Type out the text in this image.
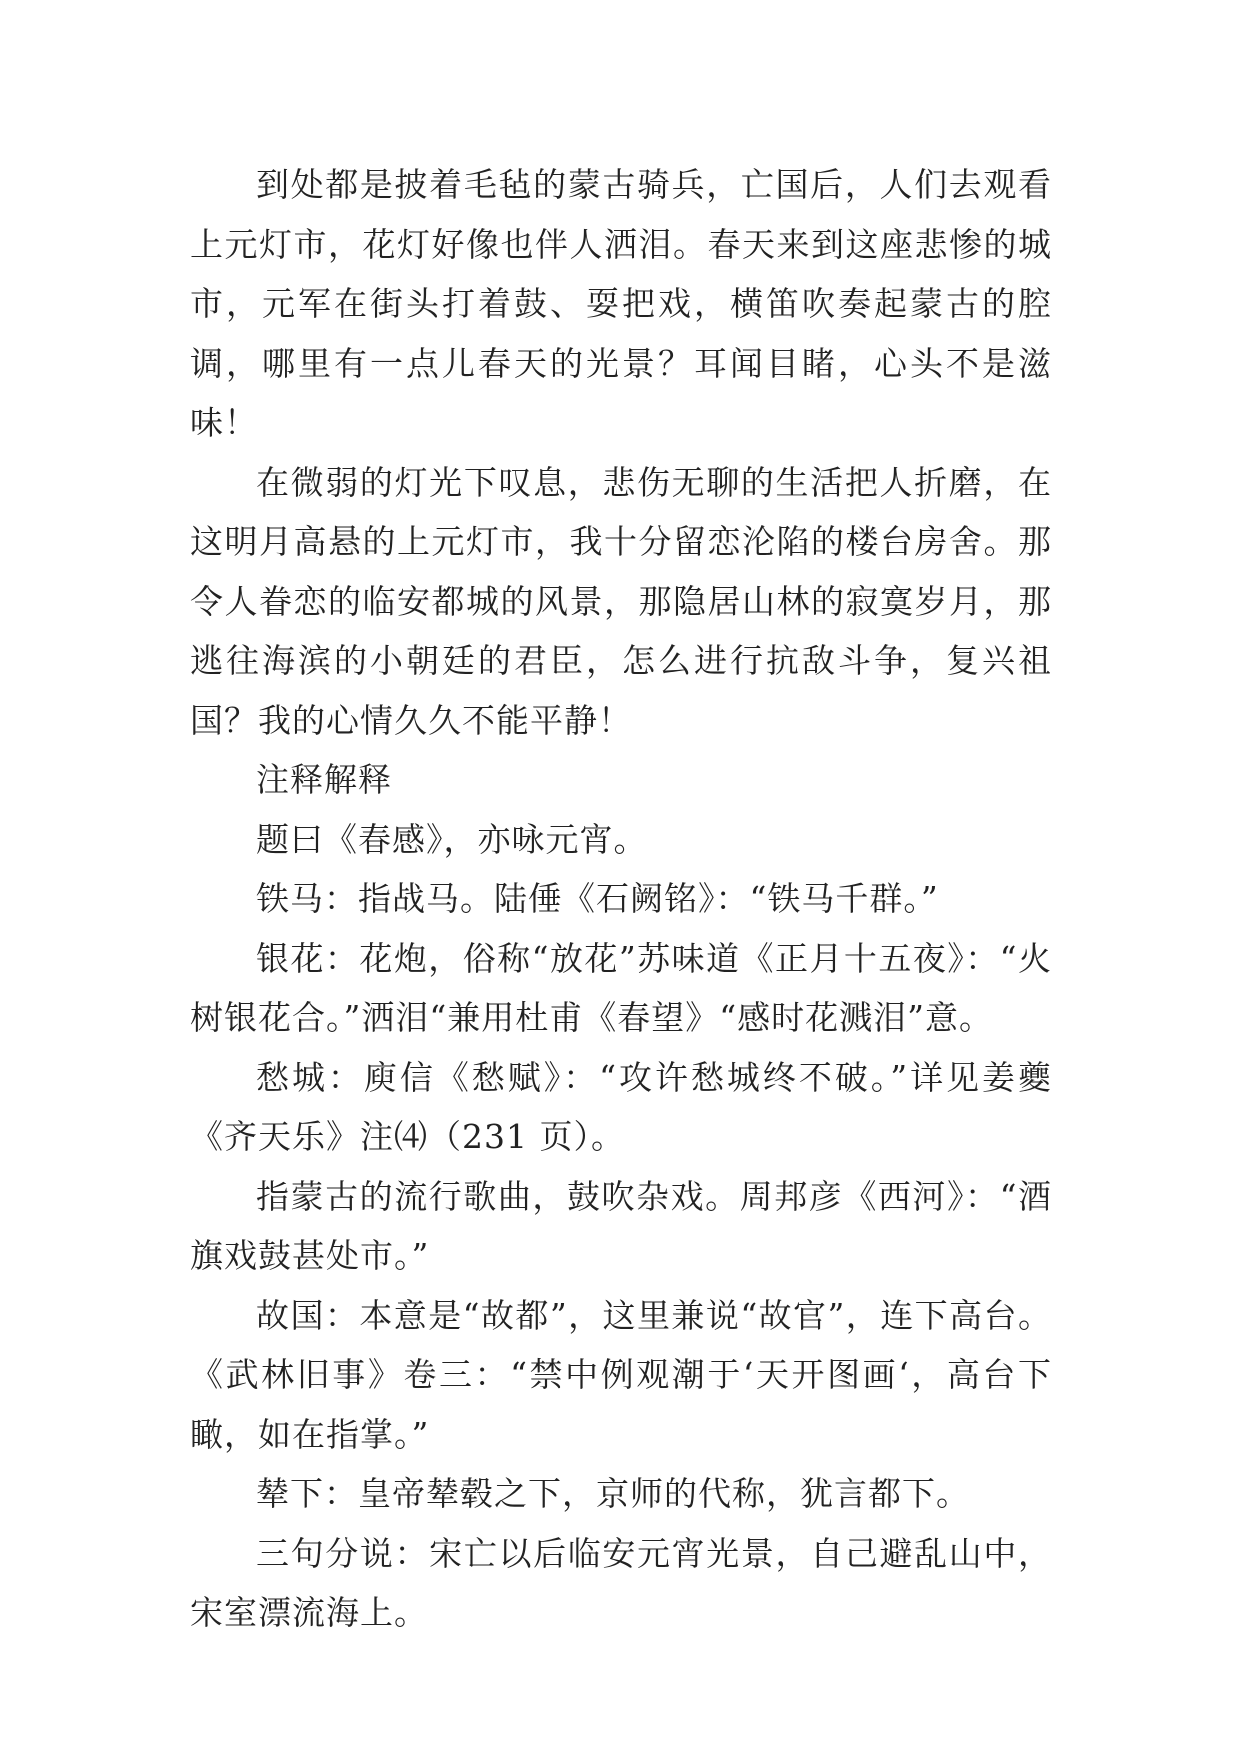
到处都是披着毛毡的蒙古骑兵，亡国后，人们去观看上元灯市，花灯好像也伴人洒泪。春天来到这座悲惨的城市，元军在街头打着鼓、耍把戏，横笛吹奏起蒙古的腔调，哪里有一点儿春天的光景？耳闻目睹，心头不是滋味！

在微弱的灯光下叹息，悲伤无聊的生活把人折磨，在这明月高悬的上元灯市，我十分留恋沦陷的楼台房舍。那令人眷恋的临安都城的风景，那隐居山林的寂寞岁月，那逃往海滨的小朝廷的君臣，怎么进行抗敌斗争，复兴祖国？我的心情久久不能平静！

注释解释

题曰《春感》，亦咏元宵。

铁马：指战马。陆倕《石阙铭》：“铁马千群。”

银花：花炮，俗称“放花”苏味道《正月十五夜》：“火树银花合。”洒泪“兼用杜甫《春望》“感时花溅泪”意。

愁城：庾信《愁赋》：“攻许愁城终不破。”详见姜夔《齐天乐》注⑷（231 页）。

指蒙古的流行歌曲，鼓吹杂戏。周邦彦《西河》：“酒旗戏鼓甚处市。”

故国：本意是“故都”，这里兼说“故官”，连下高台。《武林旧事》卷三：“禁中例观潮于‘天开图画‘，高台下瞰，如在指掌。”

辇下：皇帝辇毂之下，京师的代称，犹言都下。

三句分说：宋亡以后临安元宵光景，自己避乱山中，宋室漂流海上。
